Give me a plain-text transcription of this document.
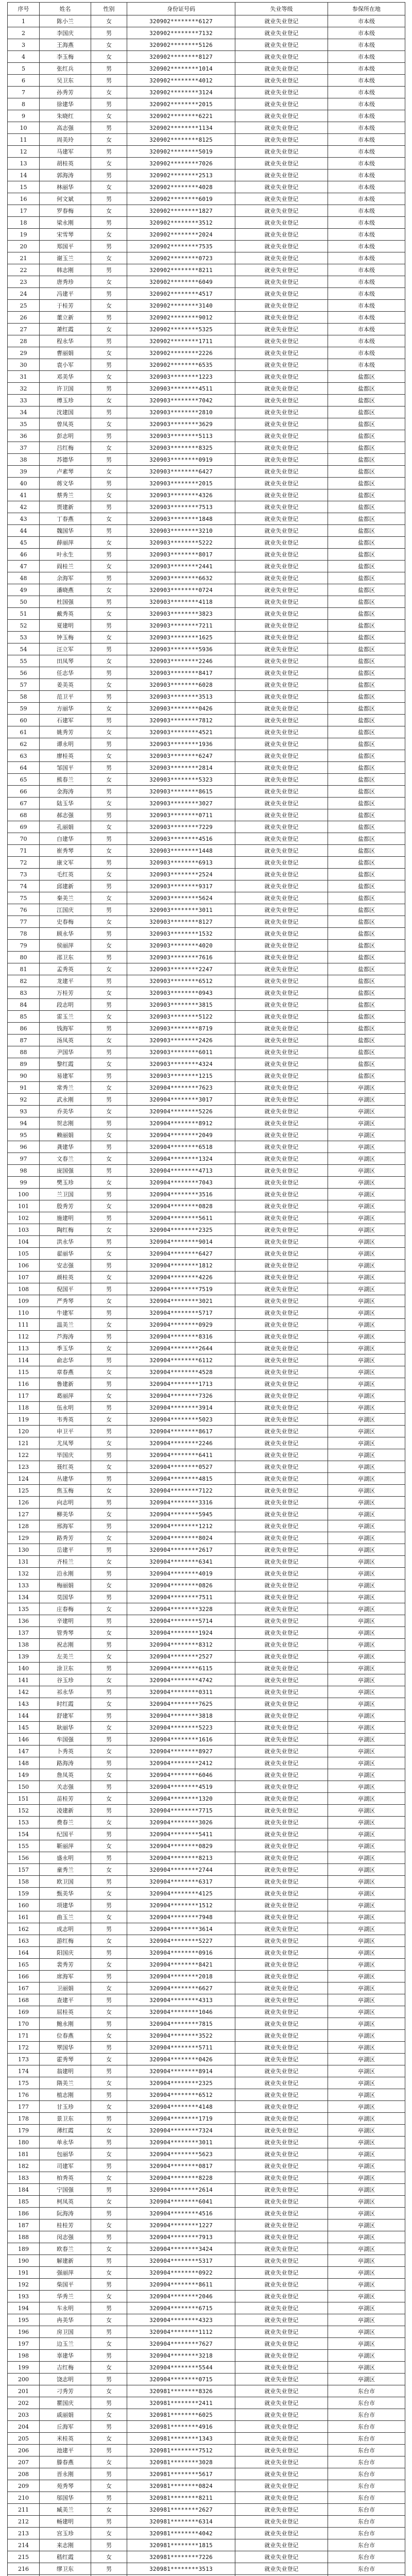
序号	姓名	性别	身份证号码	失业等级	参保所在地
1	陈小兰	女	320902********6127	就业失业登记	市本级
2	李国庆	男	320902********7132	就业失业登记	市本级
3	王海燕	女	320902********5126	就业失业登记	市本级
4	李玉梅	女	320902********8127	就业失业登记	市本级
5	张红兵	男	320902********1014	就业失业登记	市本级
6	吴卫东	男	320902********4012	就业失业登记	市本级
7	孙秀芳	女	320902********3124	就业失业登记	市本级
8	徐建华	男	320902********2015	就业失业登记	市本级
9	朱晓红	女	320902********6221	就业失业登记	市本级
10	高志强	男	320902********1134	就业失业登记	市本级
11	周美玲	女	320902********8125	就业失业登记	市本级
12	马建军	男	320902********5019	就业失业登记	市本级
13	胡桂英	女	320902********7026	就业失业登记	市本级
14	郭海涛	男	320902********2513	就业失业登记	市本级
15	林丽华	女	320902********4028	就业失业登记	市本级
16	何文斌	男	320902********6019	就业失业登记	市本级
17	罗春梅	女	320902********1827	就业失业登记	市本级
18	梁永刚	男	320902********3512	就业失业登记	市本级
19	宋雪琴	女	320902********2024	就业失业登记	市本级
20	郑国平	男	320902********7535	就业失业登记	市本级
21	谢玉兰	女	320902********0723	就业失业登记	市本级
22	韩志刚	男	320902********8211	就业失业登记	市本级
23	唐秀珍	女	320902********6049	就业失业登记	市本级
24	冯建平	男	320902********4517	就业失业登记	市本级
25	于桂芳	女	320902********3140	就业失业登记	市本级
26	董立新	男	320902********9012	就业失业登记	市本级
27	萧红霞	女	320902********5325	就业失业登记	市本级
28	程永华	男	320902********1711	就业失业登记	市本级
29	曹丽娟	女	320902********2226	就业失业登记	市本级
30	袁小军	男	320902********6535	就业失业登记	市本级
31	邓美华	女	320903********1223	就业失业登记	盐都区
32	许卫国	男	320903********4511	就业失业登记	盐都区
33	傅玉珍	女	320903********7042	就业失业登记	盐都区
34	沈建国	男	320903********2810	就业失业登记	盐都区
35	曾凤英	女	320903********3629	就业失业登记	盐都区
36	彭志明	男	320903********5113	就业失业登记	盐都区
37	吕红梅	女	320903********8325	就业失业登记	盐都区
38	苏德华	男	320903********0919	就业失业登记	盐都区
39	卢素琴	女	320903********6427	就业失业登记	盐都区
40	蒋文华	男	320903********2015	就业失业登记	盐都区
41	蔡秀兰	女	320903********4326	就业失业登记	盐都区
42	贾建新	男	320903********7513	就业失业登记	盐都区
43	丁春燕	女	320903********1848	就业失业登记	盐都区
44	魏国华	男	320903********3210	就业失业登记	盐都区
45	薛丽萍	女	320903********5222	就业失业登记	盐都区
46	叶永生	男	320903********8017	就业失业登记	盐都区
47	阎桂兰	女	320903********2441	就业失业登记	盐都区
48	余海军	男	320903********6632	就业失业登记	盐都区
49	潘晓燕	女	320903********0724	就业失业登记	盐都区
50	杜国强	男	320903********4118	就业失业登记	盐都区
51	戴秀英	女	320903********3823	就业失业登记	盐都区
52	夏建明	男	320903********7211	就业失业登记	盐都区
53	钟玉梅	女	320903********1625	就业失业登记	盐都区
54	汪立军	男	320903********5936	就业失业登记	盐都区
55	田凤琴	女	320903********2246	就业失业登记	盐都区
56	任志华	男	320903********8417	就业失业登记	盐都区
57	姜美英	女	320903********6028	就业失业登记	盐都区
58	范卫平	男	320903********3513	就业失业登记	盐都区
59	方丽华	女	320903********0426	就业失业登记	盐都区
60	石建军	男	320903********7812	就业失业登记	盐都区
61	姚秀芳	女	320903********4521	就业失业登记	盐都区
62	谭永明	男	320903********1936	就业失业登记	盐都区
63	廖桂英	女	320903********6247	就业失业登记	盐都区
64	邹国平	男	320903********2814	就业失业登记	盐都区
65	熊春兰	女	320903********5323	就业失业登记	盐都区
66	金海涛	男	320903********8615	就业失业登记	盐都区
67	陆玉华	女	320903********3027	就业失业登记	盐都区
68	郝志强	男	320903********0711	就业失业登记	盐都区
69	孔丽娟	女	320903********7229	就业失业登记	盐都区
70	白建华	男	320903********4516	就业失业登记	盐都区
71	崔秀琴	女	320903********1448	就业失业登记	盐都区
72	康文军	男	320903********6913	就业失业登记	盐都区
73	毛红英	女	320903********2524	就业失业登记	盐都区
74	邱建新	男	320903********9317	就业失业登记	盐都区
75	秦美兰	女	320903********5624	就业失业登记	盐都区
76	江国庆	男	320903********3011	就业失业登记	盐都区
77	史春梅	女	320903********8127	就业失业登记	盐都区
78	顾永华	男	320903********1532	就业失业登记	盐都区
79	侯丽萍	女	320903********4020	就业失业登记	盐都区
80	邵卫东	男	320903********7616	就业失业登记	盐都区
81	孟秀英	女	320903********2247	就业失业登记	盐都区
82	龙建平	男	320903********6512	就业失业登记	盐都区
83	万桂芳	女	320903********0943	就业失业登记	盐都区
84	段志明	男	320903********3815	就业失业登记	盐都区
85	雷玉兰	女	320903********5122	就业失业登记	盐都区
86	钱海军	男	320903********8719	就业失业登记	盐都区
87	汤凤英	女	320903********2426	就业失业登记	盐都区
88	尹国华	男	320903********6011	就业失业登记	盐都区
89	黎红霞	女	320903********4324	就业失业登记	盐都区
90	易建军	男	320903********1215	就业失业登记	盐都区
91	常秀兰	女	320904********7623	就业失业登记	亭湖区
92	武永刚	男	320904********3017	就业失业登记	亭湖区
93	乔美华	女	320904********5226	就业失业登记	亭湖区
94	贺志刚	男	320904********8912	就业失业登记	亭湖区
95	赖丽娟	女	320904********2049	就业失业登记	亭湖区
96	龚建华	男	320904********6518	就业失业登记	亭湖区
97	文春兰	女	320904********1324	就业失业登记	亭湖区
98	庞国强	男	320904********4713	就业失业登记	亭湖区
99	樊玉珍	女	320904********7043	就业失业登记	亭湖区
100	兰卫国	男	320904********3516	就业失业登记	亭湖区
101	殷秀芳	女	320904********0828	就业失业登记	亭湖区
102	施建明	男	320904********5611	就业失业登记	亭湖区
103	陶红梅	女	320904********2325	就业失业登记	亭湖区
104	洪永华	男	320904********9014	就业失业登记	亭湖区
105	翟丽华	女	320904********6427	就业失业登记	亭湖区
106	安志强	男	320904********1812	就业失业登记	亭湖区
107	颜桂英	女	320904********4226	就业失业登记	亭湖区
108	倪国平	男	320904********7519	就业失业登记	亭湖区
109	严秀琴	女	320904********3021	就业失业登记	亭湖区
110	牛建军	男	320904********5717	就业失业登记	亭湖区
111	温美兰	女	320904********0929	就业失业登记	亭湖区
112	芦海涛	男	320904********8316	就业失业登记	亭湖区
113	季玉华	女	320904********2644	就业失业登记	亭湖区
114	俞志华	男	320904********6112	就业失业登记	亭湖区
115	章春燕	女	320904********4528	就业失业登记	亭湖区
116	鲁建新	男	320904********1713	就业失业登记	亭湖区
117	葛丽萍	女	320904********7326	就业失业登记	亭湖区
118	伍永明	男	320904********3914	就业失业登记	亭湖区
119	韦秀英	女	320904********5023	就业失业登记	亭湖区
120	申卫平	男	320904********8617	就业失业登记	亭湖区
121	尤凤琴	女	320904********2246	就业失业登记	亭湖区
122	毕国庆	男	320904********6411	就业失业登记	亭湖区
123	聂红英	女	320904********0527	就业失业登记	亭湖区
124	丛建华	男	320904********4815	就业失业登记	亭湖区
125	焦玉梅	女	320904********7122	就业失业登记	亭湖区
126	向志明	男	320904********3316	就业失业登记	亭湖区
127	柳美华	女	320904********5945	就业失业登记	亭湖区
128	邢海军	男	320904********1212	就业失业登记	亭湖区
129	路秀芳	女	320904********8024	就业失业登记	亭湖区
130	岳建平	男	320904********2617	就业失业登记	亭湖区
131	齐桂兰	女	320904********6341	就业失业登记	亭湖区
132	沿永刚	男	320904********4019	就业失业登记	亭湖区
133	梅丽娟	女	320904********0826	就业失业登记	亭湖区
134	莫国华	男	320904********7511	就业失业登记	亭湖区
135	庄春梅	女	320904********3228	就业失业登记	亭湖区
136	辛建明	男	320904********5714	就业失业登记	亭湖区
137	管秀琴	女	320904********1924	就业失业登记	亭湖区
138	祝志刚	男	320904********8312	就业失业登记	亭湖区
139	左美兰	女	320904********2527	就业失业登记	亭湖区
140	涂卫东	男	320904********6115	就业失业登记	亭湖区
141	谷玉珍	女	320904********4742	就业失业登记	亭湖区
142	祁永华	男	320904********0311	就业失业登记	亭湖区
143	时红霞	女	320904********7625	就业失业登记	亭湖区
144	舒建军	男	320904********3818	就业失业登记	亭湖区
145	耿丽华	女	320904********5223	就业失业登记	亭湖区
146	牟国强	男	320904********1616	就业失业登记	亭湖区
147	卜秀英	女	320904********8927	就业失业登记	亭湖区
148	路海涛	男	320904********2412	就业失业登记	亭湖区
149	詹凤英	女	320904********6046	就业失业登记	亭湖区
150	关志强	男	320904********4519	就业失业登记	亭湖区
151	苗桂芳	女	320904********1320	就业失业登记	亭湖区
152	凌建新	男	320904********7715	就业失业登记	亭湖区
153	费春兰	女	320904********3026	就业失业登记	亭湖区
154	纪国平	男	320904********5411	就业失业登记	亭湖区
155	靳丽萍	女	320904********0829	就业失业登记	亭湖区
156	盛永明	男	320904********8213	就业失业登记	亭湖区
157	童秀兰	女	320904********2744	就业失业登记	亭湖区
158	欧卫国	男	320904********6317	就业失业登记	亭湖区
159	甄美华	女	320904********4125	就业失业登记	亭湖区
160	项建华	男	320904********1512	就业失业登记	亭湖区
161	曲玉兰	女	320904********7948	就业失业登记	亭湖区
162	成志明	男	320904********3614	就业失业登记	亭湖区
163	游红梅	女	320904********5227	就业失业登记	亭湖区
164	阳国庆	男	320904********0916	就业失业登记	亭湖区
165	裴秀芳	女	320904********8421	就业失业登记	亭湖区
166	席海军	男	320904********2018	就业失业登记	亭湖区
167	卫丽娟	女	320904********6627	就业失业登记	亭湖区
168	查建平	男	320904********4313	就业失业登记	亭湖区
169	屈桂英	女	320904********1046	就业失业登记	亭湖区
170	鲍永刚	男	320904********7815	就业失业登记	亭湖区
171	位春燕	女	320904********3522	就业失业登记	亭湖区
172	覃国华	男	320904********5711	就业失业登记	亭湖区
173	霍秀琴	女	320904********0426	就业失业登记	亭湖区
174	翁建明	男	320904********8914	就业失业登记	亭湖区
175	隋美兰	女	320904********2325	就业失业登记	亭湖区
176	植志刚	男	320904********6512	就业失业登记	亭湖区
177	甘玉珍	女	320904********4148	就业失业登记	亭湖区
178	景卫东	男	320904********1719	就业失业登记	亭湖区
179	薄红霞	女	320904********7324	就业失业登记	亭湖区
180	单永华	男	320904********3011	就业失业登记	亭湖区
181	包丽华	女	320904********5623	就业失业登记	亭湖区
182	司建军	男	320904********0817	就业失业登记	亭湖区
183	柏秀英	女	320904********8228	就业失业登记	亭湖区
184	宁国强	男	320904********2614	就业失业登记	亭湖区
185	柯凤英	女	320904********6041	就业失业登记	亭湖区
186	阮海涛	男	320904********4516	就业失业登记	亭湖区
187	桂桂芳	女	320904********1227	就业失业登记	亭湖区
188	闵志强	男	320904********7913	就业失业登记	亭湖区
189	欧春兰	女	320904********3424	就业失业登记	亭湖区
190	解建新	男	320904********5317	就业失业登记	亭湖区
191	强丽萍	女	320904********0922	就业失业登记	亭湖区
192	柴国平	男	320904********8611	就业失业登记	亭湖区
193	华秀兰	女	320904********2046	就业失业登记	亭湖区
194	车永明	男	320904********6715	就业失业登记	亭湖区
195	冉美华	女	320904********4323	就业失业登记	亭湖区
196	房卫国	男	320904********1112	就业失业登记	亭湖区
197	边玉兰	女	320904********7627	就业失业登记	亭湖区
198	辜建华	男	320904********3218	就业失业登记	亭湖区
199	吉红梅	女	320904********5544	就业失业登记	亭湖区
200	饶志明	男	320904********0715	就业失业登记	亭湖区
201	刁秀芳	女	320981********8326	就业失业登记	东台市
202	瞿国庆	男	320981********2411	就业失业登记	东台市
203	戚丽娟	女	320981********6025	就业失业登记	东台市
204	丘海军	男	320981********4916	就业失业登记	东台市
205	米桂英	女	320981********1343	就业失业登记	东台市
206	池建平	男	320981********7512	就业失业登记	东台市
207	滕春燕	女	320981********3028	就业失业登记	东台市
208	晋永刚	男	320981********5617	就业失业登记	东台市
209	苑秀琴	女	320981********0824	就业失业登记	东台市
210	邬国华	男	320981********8211	就业失业登记	东台市
211	臧美兰	女	320981********2627	就业失业登记	东台市
212	畅建明	男	320981********6314	就业失业登记	东台市
213	宫玉珍	女	320981********4042	就业失业登记	东台市
214	来志刚	男	320981********1815	就业失业登记	东台市
215	嵇红霞	女	320981********7226	就业失业登记	东台市
216	缪卫东	男	320981********3513	就业失业登记	东台市
